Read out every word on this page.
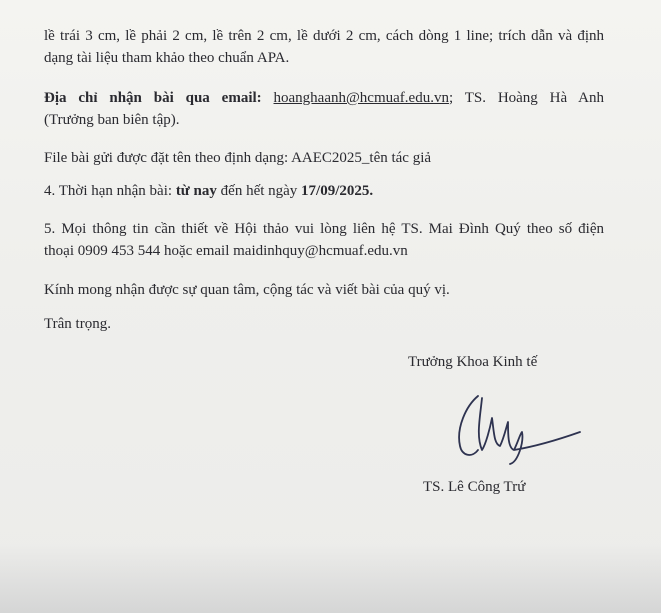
lề trái 3 cm, lề phải 2 cm, lề trên 2 cm, lề dưới 2 cm, cách dòng 1 line; trích dẫn và định
dạng tài liệu tham khảo theo chuẩn APA.
Địa chỉ nhận bài qua email: hoanghaanh@hcmuaf.edu.vn; TS. Hoàng Hà Anh
(Trưởng ban biên tập).
File bài gửi được đặt tên theo định dạng: AAEC2025_tên tác giả
4. Thời hạn nhận bài: từ nay đến hết ngày 17/09/2025.
5. Mọi thông tin cần thiết về Hội thảo vui lòng liên hệ TS. Mai Đình Quý theo số điện
thoại 0909 453 544 hoặc email maidinhquy@hcmuaf.edu.vn
Kính mong nhận được sự quan tâm, cộng tác và viết bài của quý vị.
Trân trọng.
Trưởng Khoa Kinh tế
TS. Lê Công Trứ
